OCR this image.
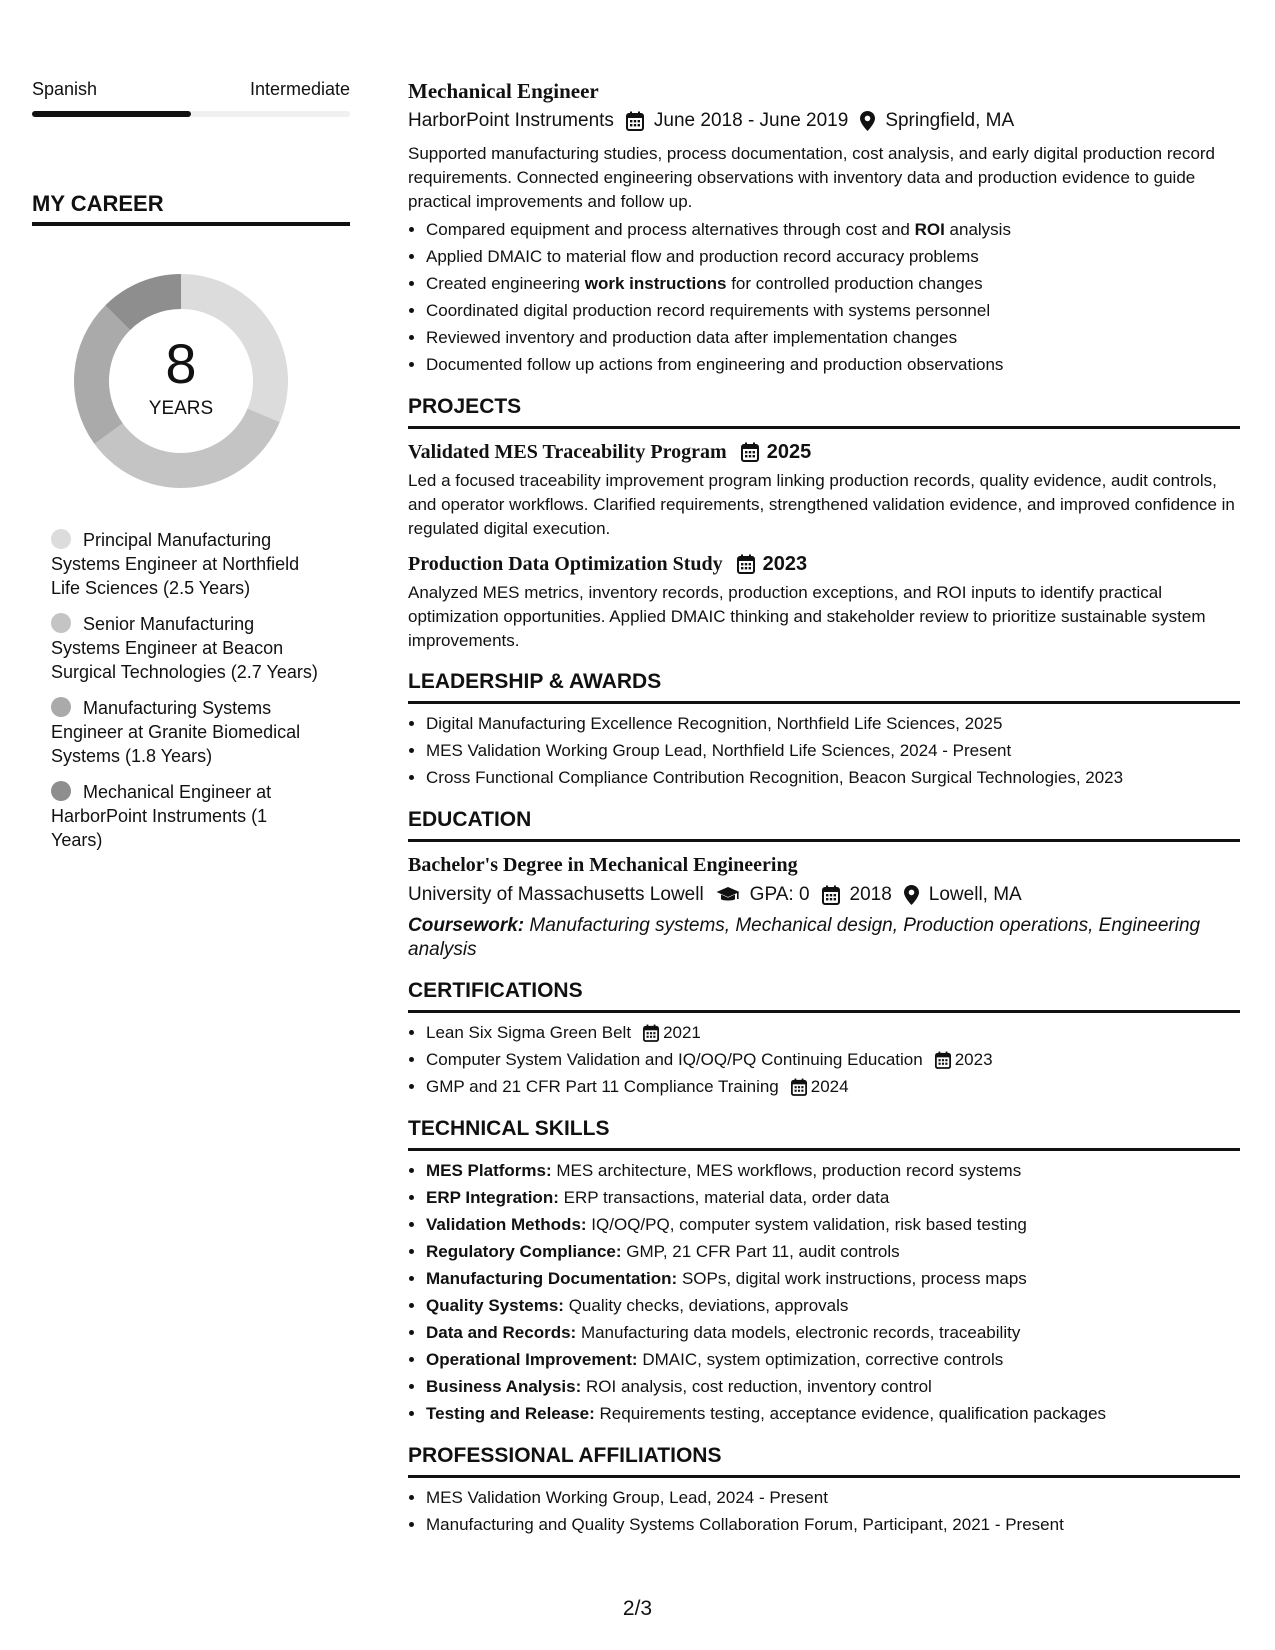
Spanish	Intermediate
MY CAREER
8
YEARS
Principal Manufacturing Systems Engineer at Northfield Life Sciences (2.5 Years)
Senior Manufacturing Systems Engineer at Beacon Surgical Technologies (2.7 Years)
Manufacturing Systems Engineer at Granite Biomedical Systems (1.8 Years)
Mechanical Engineer at HarborPoint Instruments (1 Years)
Mechanical Engineer
HarborPoint Instruments June 2018 - June 2019 Springfield, MA
Supported manufacturing studies, process documentation, cost analysis, and early digital production record requirements. Connected engineering observations with inventory data and production evidence to guide practical improvements and follow up.
• Compared equipment and process alternatives through cost and ROI analysis
• Applied DMAIC to material flow and production record accuracy problems
• Created engineering work instructions for controlled production changes
• Coordinated digital production record requirements with systems personnel
• Reviewed inventory and production data after implementation changes
• Documented follow up actions from engineering and production observations
PROJECTS
Validated MES Traceability Program 2025
Led a focused traceability improvement program linking production records, quality evidence, audit controls, and operator workflows. Clarified requirements, strengthened validation evidence, and improved confidence in regulated digital execution.
Production Data Optimization Study 2023
Analyzed MES metrics, inventory records, production exceptions, and ROI inputs to identify practical optimization opportunities. Applied DMAIC thinking and stakeholder review to prioritize sustainable system improvements.
LEADERSHIP & AWARDS
• Digital Manufacturing Excellence Recognition, Northfield Life Sciences, 2025
• MES Validation Working Group Lead, Northfield Life Sciences, 2024 - Present
• Cross Functional Compliance Contribution Recognition, Beacon Surgical Technologies, 2023
EDUCATION
Bachelor's Degree in Mechanical Engineering
University of Massachusetts Lowell GPA: 0 2018 Lowell, MA
Coursework: Manufacturing systems, Mechanical design, Production operations, Engineering analysis
CERTIFICATIONS
• Lean Six Sigma Green Belt 2021
• Computer System Validation and IQ/OQ/PQ Continuing Education 2023
• GMP and 21 CFR Part 11 Compliance Training 2024
TECHNICAL SKILLS
• MES Platforms: MES architecture, MES workflows, production record systems
• ERP Integration: ERP transactions, material data, order data
• Validation Methods: IQ/OQ/PQ, computer system validation, risk based testing
• Regulatory Compliance: GMP, 21 CFR Part 11, audit controls
• Manufacturing Documentation: SOPs, digital work instructions, process maps
• Quality Systems: Quality checks, deviations, approvals
• Data and Records: Manufacturing data models, electronic records, traceability
• Operational Improvement: DMAIC, system optimization, corrective controls
• Business Analysis: ROI analysis, cost reduction, inventory control
• Testing and Release: Requirements testing, acceptance evidence, qualification packages
PROFESSIONAL AFFILIATIONS
• MES Validation Working Group, Lead, 2024 - Present
• Manufacturing and Quality Systems Collaboration Forum, Participant, 2021 - Present
2/3
